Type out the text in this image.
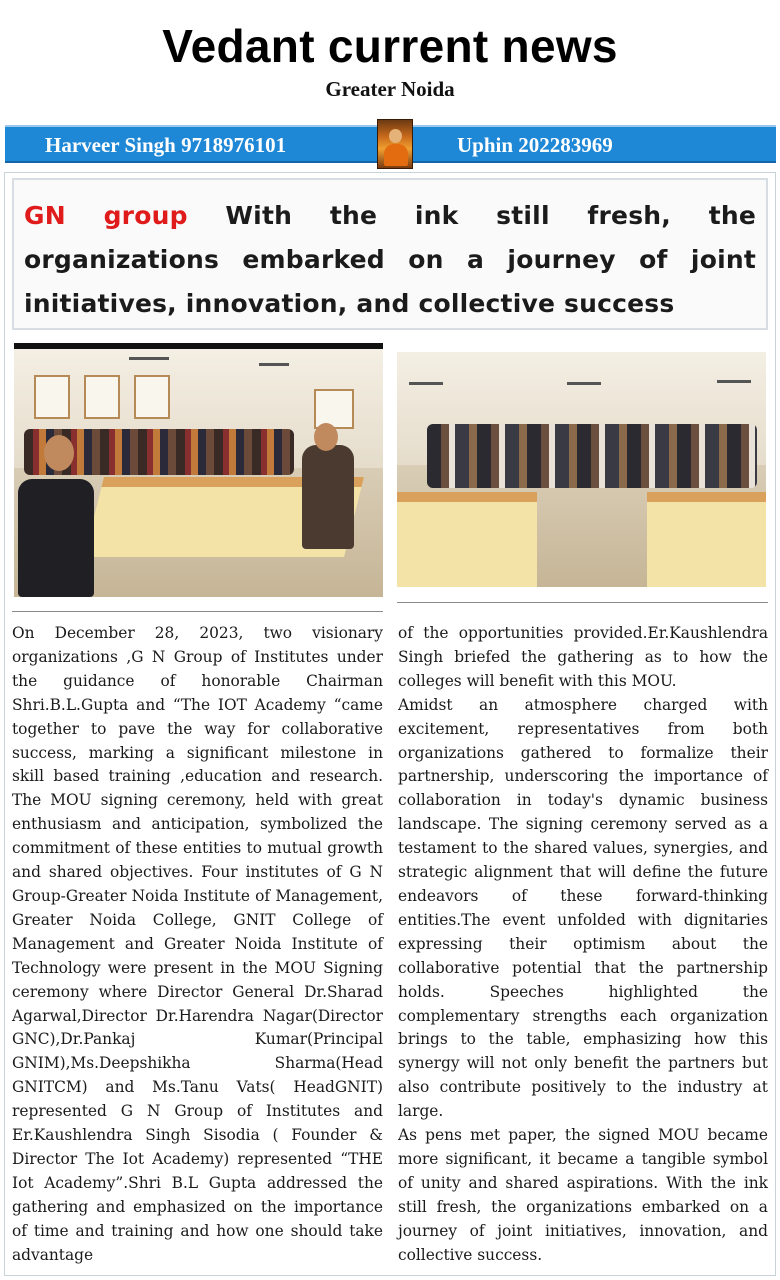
Vedant current news
Greater Noida
Harveer Singh 9718976101	Uphin 202283969
GN group With the ink still fresh, the organizations embarked on a journey of joint initiatives, innovation, and collective success

On December 28, 2023, two visionary organizations ,G N Group of Institutes under the guidance of honorable Chairman Shri.B.L.Gupta and “The IOT Academy “came together to pave the way for collaborative success, marking a significant milestone in skill based training ,education and research. The MOU signing ceremony, held with great enthusiasm and anticipation, symbolized the commitment of these entities to mutual growth and shared objectives. Four institutes of G N Group-Greater Noida Institute of Management, Greater Noida College, GNIT College of Management and Greater Noida Institute of Technology were present in the MOU Signing ceremony where Director General Dr.Sharad Agarwal,Director Dr.Harendra Nagar(Director GNC),Dr.Pankaj Kumar(Principal GNIM),Ms.Deepshikha Sharma(Head GNITCM) and Ms.Tanu Vats( HeadGNIT) represented G N Group of Institutes and Er.Kaushlendra Singh Sisodia ( Founder & Director The Iot Academy) represented “THE Iot Academy”.Shri B.L Gupta addressed the gathering and emphasized on the importance of time and training and how one should take advantage

of the opportunities provided.Er.Kaushlendra Singh briefed the gathering as to how the colleges will benefit with this MOU.

Amidst an atmosphere charged with excitement, representatives from both organizations gathered to formalize their partnership, underscoring the importance of collaboration in today's dynamic business landscape. The signing ceremony served as a testament to the shared values, synergies, and strategic alignment that will define the future endeavors of these forward-thinking entities.The event unfolded with dignitaries expressing their optimism about the collaborative potential that the partnership holds. Speeches highlighted the complementary strengths each organization brings to the table, emphasizing how this synergy will not only benefit the partners but also contribute positively to the industry at large.

As pens met paper, the signed MOU became more significant, it became a tangible symbol of unity and shared aspirations. With the ink still fresh, the organizations embarked on a journey of joint initiatives, innovation, and collective success.
